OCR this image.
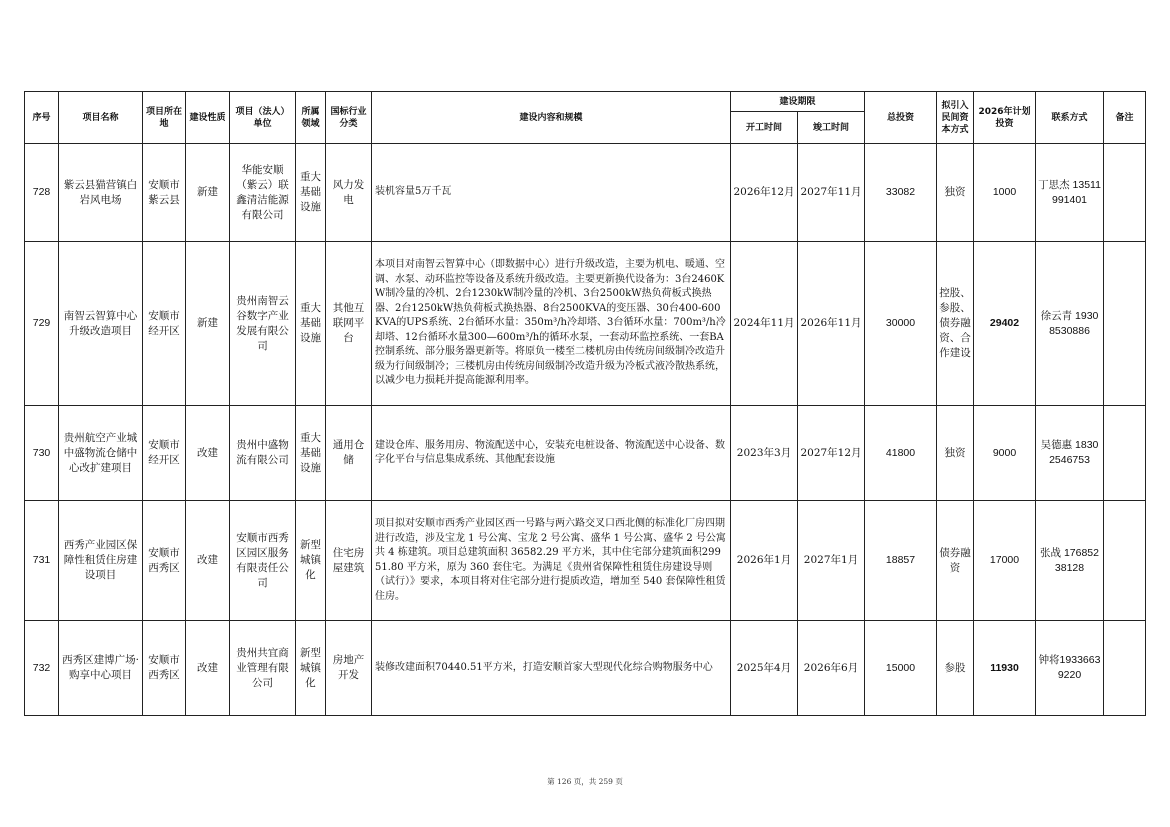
序号	项目名称	项目所在地	建设性质	项目（法人）单位	所属领域	国标行业分类	建设内容和规模	建设期限		总投资	拟引入民间资本方式	2026年计划投资	联系方式	备注
								开工时间	竣工时间					
728	紫云县猫营镇白岩风电场	安顺市紫云县	新建	华能安顺（紫云）联鑫清洁能源有限公司	重大基础设施	风力发电	装机容量5万千瓦	2026年12月	2027年11月	33082	独资	1000	丁思杰 13511991401	
729	南智云智算中心升级改造项目	安顺市经开区	新建	贵州南智云谷数字产业发展有限公司	重大基础设施	其他互联网平台	本项目对南智云智算中心（即数据中心）进行升级改造，主要为机电、暖通、空调、水泵、动环监控等设备及系统升级改造。主要更新换代设备为：3台2460KW制冷量的冷机、2台1230kW制冷量的冷机、3台2500kW热负荷板式换热器、2台1250kW热负荷板式换热器、8台2500KVA的变压器、30台400-600KVA的UPS系统、2台循环水量：350m³/h冷却塔、3台循环水量：700m³/h冷却塔、12台循环水量300—600m³/h的循环水泵，一套动环监控系统、一套BA控制系统、部分服务器更新等。将原负一楼至二楼机房由传统房间级制冷改造升级为行间级制冷；三楼机房由传统房间级制冷改造升级为冷板式液冷散热系统，以减少电力损耗并提高能源利用率。	2024年11月	2026年11月	30000	控股、参股、债券融资、合作建设	29402	徐云青 19308530886	
730	贵州航空产业城中盛物流仓储中心改扩建项目	安顺市经开区	改建	贵州中盛物流有限公司	重大基础设施	通用仓储	建设仓库、服务用房、物流配送中心，安装充电桩设备、物流配送中心设备、数字化平台与信息集成系统、其他配套设施	2023年3月	2027年12月	41800	独资	9000	吴德惠 18302546753	
731	西秀产业园区保障性租赁住房建设项目	安顺市西秀区	改建	安顺市西秀区园区服务有限责任公司	新型城镇化	住宅房屋建筑	项目拟对安顺市西秀产业园区西一号路与两六路交叉口西北侧的标准化厂房四期进行改造，涉及宝龙 1 号公寓、宝龙 2 号公寓、盛华 1 号公寓、盛华 2 号公寓共 4 栋建筑。项目总建筑面积 36582.29 平方米，其中住宅部分建筑面积29951.80 平方米，原为 360 套住宅。为满足《贵州省保障性租赁住房建设导则（试行）》要求，本项目将对住宅部分进行提质改造，增加至 540 套保障性租赁住房。	2026年1月	2027年1月	18857	债券融资	17000	张战 17685238128	
732	西秀区建博广场·购享中心项目	安顺市西秀区	改建	贵州共宜商业管理有限公司	新型城镇化	房地产开发	装修改建面积70440.51平方米，打造安顺首家大型现代化综合购物服务中心	2025年4月	2026年6月	15000	参股	11930	钟将19336639220	
第 126 页，共 259 页
